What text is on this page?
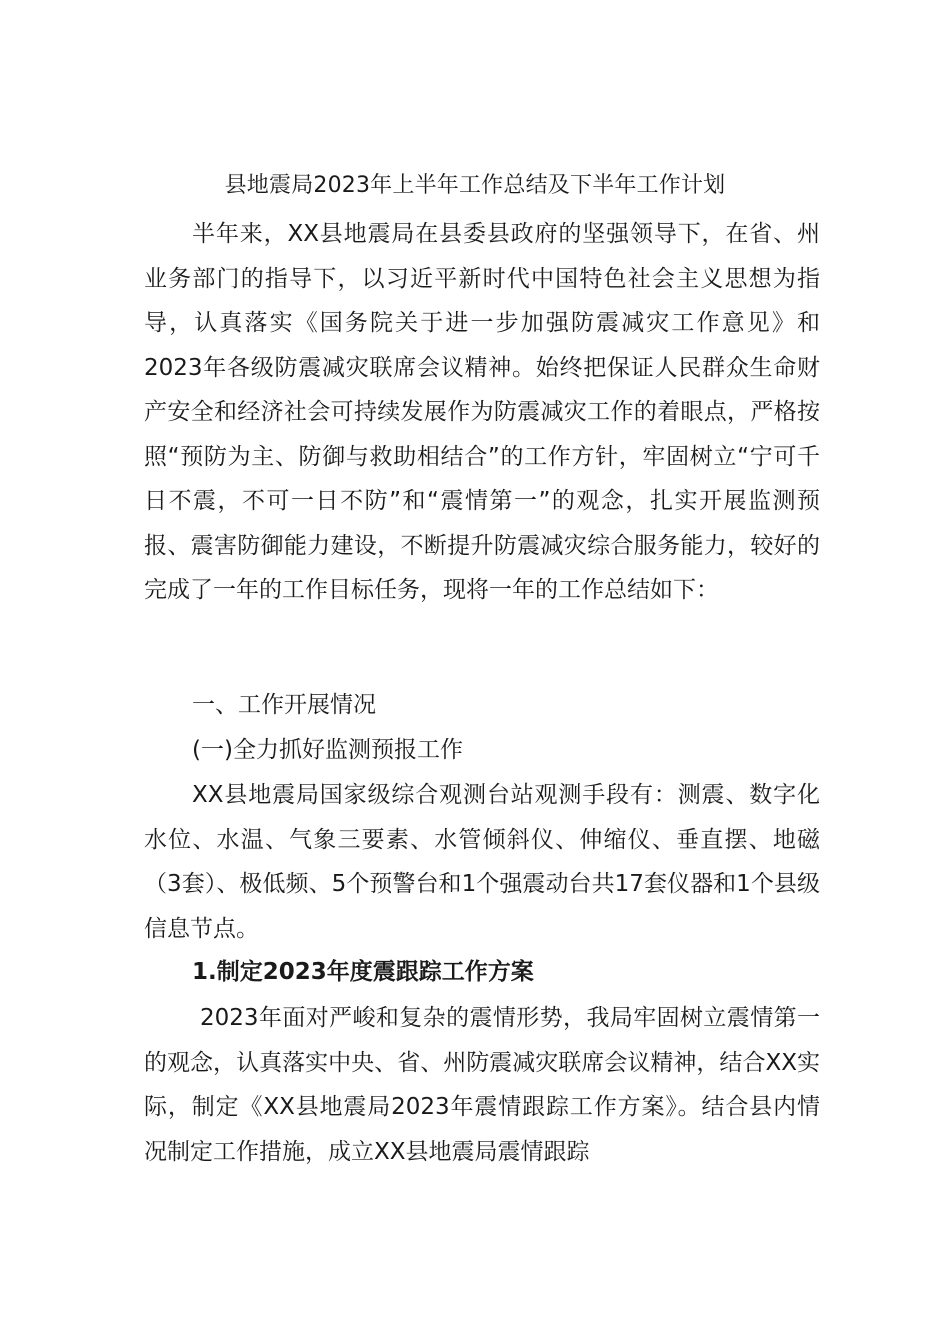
县地震局2023年上半年工作总结及下半年工作计划

半年来，XX县地震局在县委县政府的坚强领导下，在省、州业务部门的指导下，以习近平新时代中国特色社会主义思想为指导，认真落实《国务院关于进一步加强防震减灾工作意见》和2023年各级防震减灾联席会议精神。始终把保证人民群众生命财产安全和经济社会可持续发展作为防震减灾工作的着眼点，严格按照“预防为主、防御与救助相结合”的工作方针，牢固树立“宁可千日不震，不可一日不防”和“震情第一”的观念，扎实开展监测预报、震害防御能力建设，不断提升防震减灾综合服务能力，较好的完成了一年的工作目标任务，现将一年的工作总结如下：

一、工作开展情况

(一)全力抓好监测预报工作

XX县地震局国家级综合观测台站观测手段有：测震、数字化水位、水温、气象三要素、水管倾斜仪、伸缩仪、垂直摆、地磁（3套）、极低频、5个预警台和1个强震动台共17套仪器和1个县级信息节点。

1.制定2023年度震跟踪工作方案

2023年面对严峻和复杂的震情形势，我局牢固树立震情第一的观念，认真落实中央、省、州防震减灾联席会议精神，结合XX实际，制定《XX县地震局2023年震情跟踪工作方案》。结合县内情况制定工作措施，成立XX县地震局震情跟踪
